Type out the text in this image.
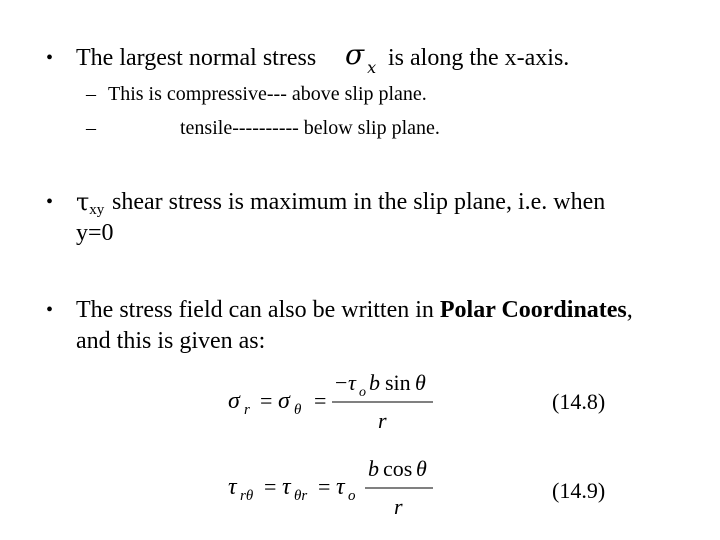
• The largest normal stress σ $_x$ is along the x-axis.
– This is compressive--- above slip plane.
–	tensile---------- below slip plane.
• τxy shear stress is maximum in the slip plane, i.e. when
y=0
• The stress field can also be written in Polar Coordinates,
and this is given as:
σ r = σ θ =
− τ o b sin θ
r
(14.8)
τ rθ = τ θr = τ o
b cos θ
r
(14.9)
